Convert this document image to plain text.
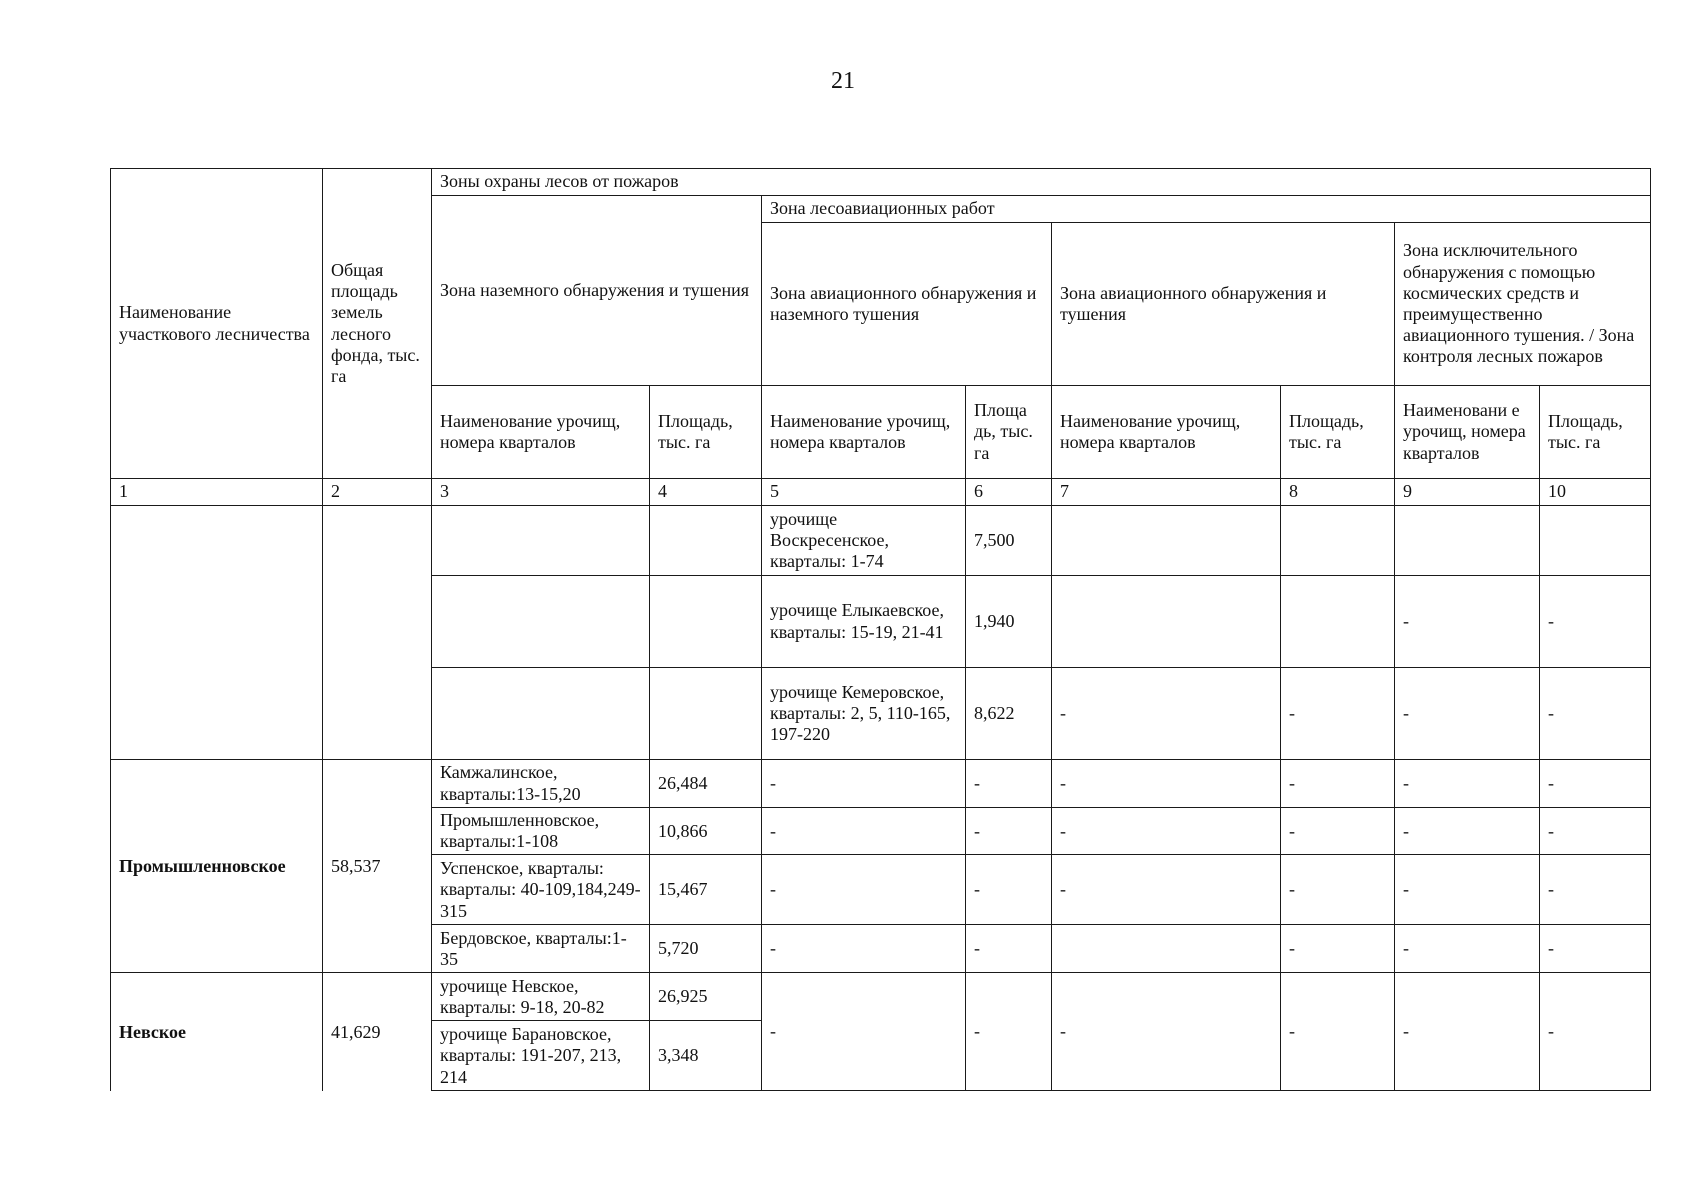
21
Наименование участкового лесничества	Общая площадь земель лесного фонда, тыс. га	Зоны охраны лесов от пожаров							
		Зона наземного обнаружения и тушения		Зона лесоавиационных работ					
				Зона авиационного обнаружения и наземного тушения		Зона авиационного обнаружения и тушения		Зона исключительного обнаружения с помощью космических средств и преимущественно авиационного тушения. / Зона контроля лесных пожаров	
		Наименование урочищ, номера кварталов	Площадь, тыс. га	Наименование урочищ, номера кварталов	Площа дь, тыс. га	Наименование урочищ, номера кварталов	Площадь, тыс. га	Наименовани е урочищ, номера кварталов	Площадь, тыс. га
1	2	3	4	5	6	7	8	9	10
				урочище Воскресенское, кварталы: 1-74	7,500				
				урочище Елыкаевское, кварталы: 15-19, 21-41	1,940			-	-
				урочище Кемеровское, кварталы: 2, 5, 110-165, 197-220	8,622	-	-	-	-
Промышленновское	58,537	Камжалинское, кварталы:13-15,20	26,484	-	-	-	-	-	-
		Промышленновское, кварталы:1-108	10,866	-	-	-	-	-	-
		Успенское, кварталы: кварталы: 40-109,184,249-315	15,467	-	-	-	-	-	-
		Бердовское, кварталы:1-35	5,720	-	-		-	-	-
Невское	41,629	урочище Невское, кварталы: 9-18, 20-82	26,925	-	-	-	-	-	-
		урочище Барановское, кварталы: 191-207, 213, 214	3,348						
